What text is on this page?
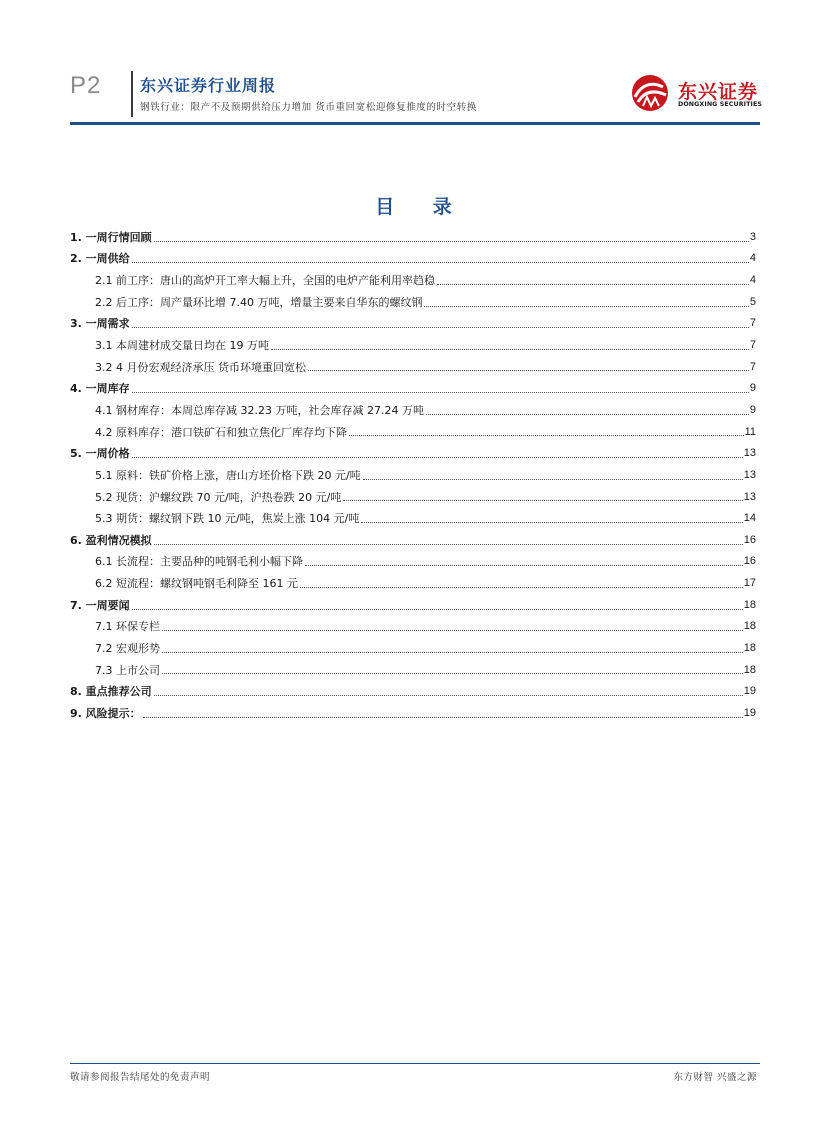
P2 东兴证券行业周报
钢铁行业：限产不及预期供给压力增加 货币重回宽松迎修复推度的时空转换
东兴证券
DONGXING SECURITIES
目 录
1. 一周行情回顾	3
2. 一周供给	4
2.1 前工序：唐山的高炉开工率大幅上升，全国的电炉产能利用率趋稳	4
2.2 后工序：周产量环比增 7.40 万吨，增量主要来自华东的螺纹钢	5
3. 一周需求	7
3.1 本周建材成交量日均在 19 万吨	7
3.2 4 月份宏观经济承压 货币环境重回宽松	7
4. 一周库存	9
4.1 钢材库存：本周总库存减 32.23 万吨，社会库存减 27.24 万吨	9
4.2 原料库存：港口铁矿石和独立焦化厂库存均下降	11
5. 一周价格	13
5.1 原料：铁矿价格上涨，唐山方坯价格下跌 20 元/吨	13
5.2 现货：沪螺纹跌 70 元/吨，沪热卷跌 20 元/吨	13
5.3 期货：螺纹钢下跌 10 元/吨，焦炭上涨 104 元/吨	14
6. 盈利情况模拟	16
6.1 长流程：主要品种的吨钢毛利小幅下降	16
6.2 短流程：螺纹钢吨钢毛利降至 161 元	17
7. 一周要闻	18
7.1 环保专栏	18
7.2 宏观形势	18
7.3 上市公司	18
8. 重点推荐公司	19
9. 风险提示：	19
敬请参阅报告结尾处的免责声明	东方财智 兴盛之源
